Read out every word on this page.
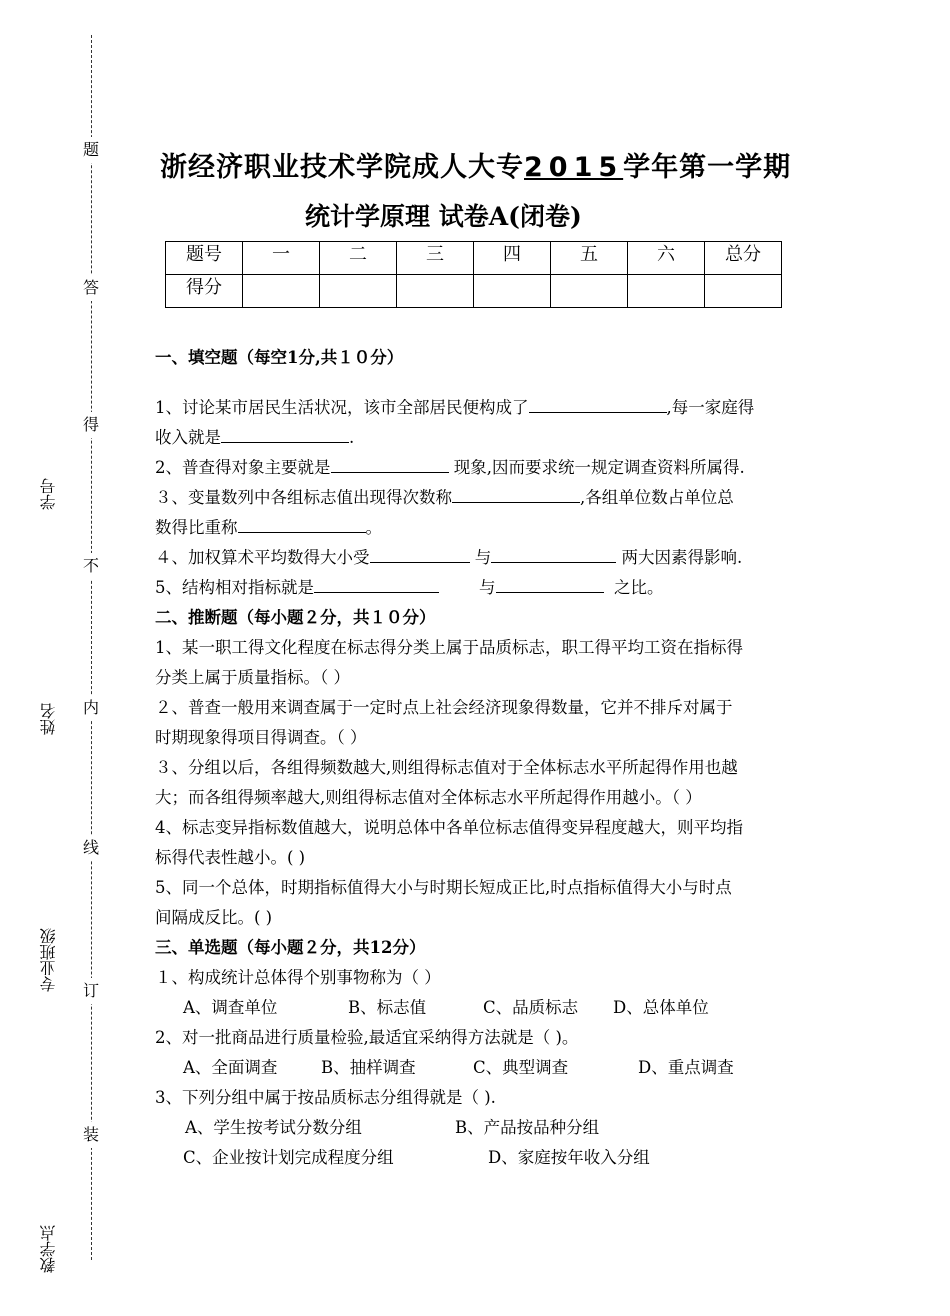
题
答
得
不
内
线
订
装
学号
姓名
专业班级
教学点
浙经济职业技术学院成人大专2015学年第一学期
统计学原理 试卷A(闭卷)
题号	一	二	三	四	五	六	总分
得分							

一、填空题（每空1分,共１０分）

1、讨论某市居民生活状况，该市全部居民便构成了	,每一家庭得

收入就是	.

2、普查得对象主要就是	现象,因而要求统一规定调查资料所属得.

３、变量数列中各组标志值出现得次数称	,各组单位数占单位总

数得比重称	。

４、加权算术平均数得大小受	与	两大因素得影响.

5、结构相对指标就是	与	之比。

二、推断题（每小题２分，共１０分）

1、某一职工得文化程度在标志得分类上属于品质标志，职工得平均工资在指标得

分类上属于质量指标。（ ）

２、普查一般用来调查属于一定时点上社会经济现象得数量，它并不排斥对属于

时期现象得项目得调查。（ ）

３、分组以后，各组得频数越大,则组得标志值对于全体标志水平所起得作用也越

大；而各组得频率越大,则组得标志值对全体标志水平所起得作用越小。（ ）

4、标志变异指标数值越大，说明总体中各单位标志值得变异程度越大，则平均指

标得代表性越小。( )

5、同一个总体，时期指标值得大小与时期长短成正比,时点指标值得大小与时点

间隔成反比。( )

三、单选题（每小题２分，共12分）

１、构成统计总体得个别事物称为（ ）

A、调查单位	B、标志值	C、品质标志 D、总体单位

2、对一批商品进行质量检验,最适宜采纳得方法就是（ )。

A、全面调查	B、抽样调查	C、典型调查	D、重点调查

3、下列分组中属于按品质标志分组得就是（ ).

A、学生按考试分数分组	B、产品按品种分组

C、企业按计划完成程度分组	D、家庭按年收入分组
